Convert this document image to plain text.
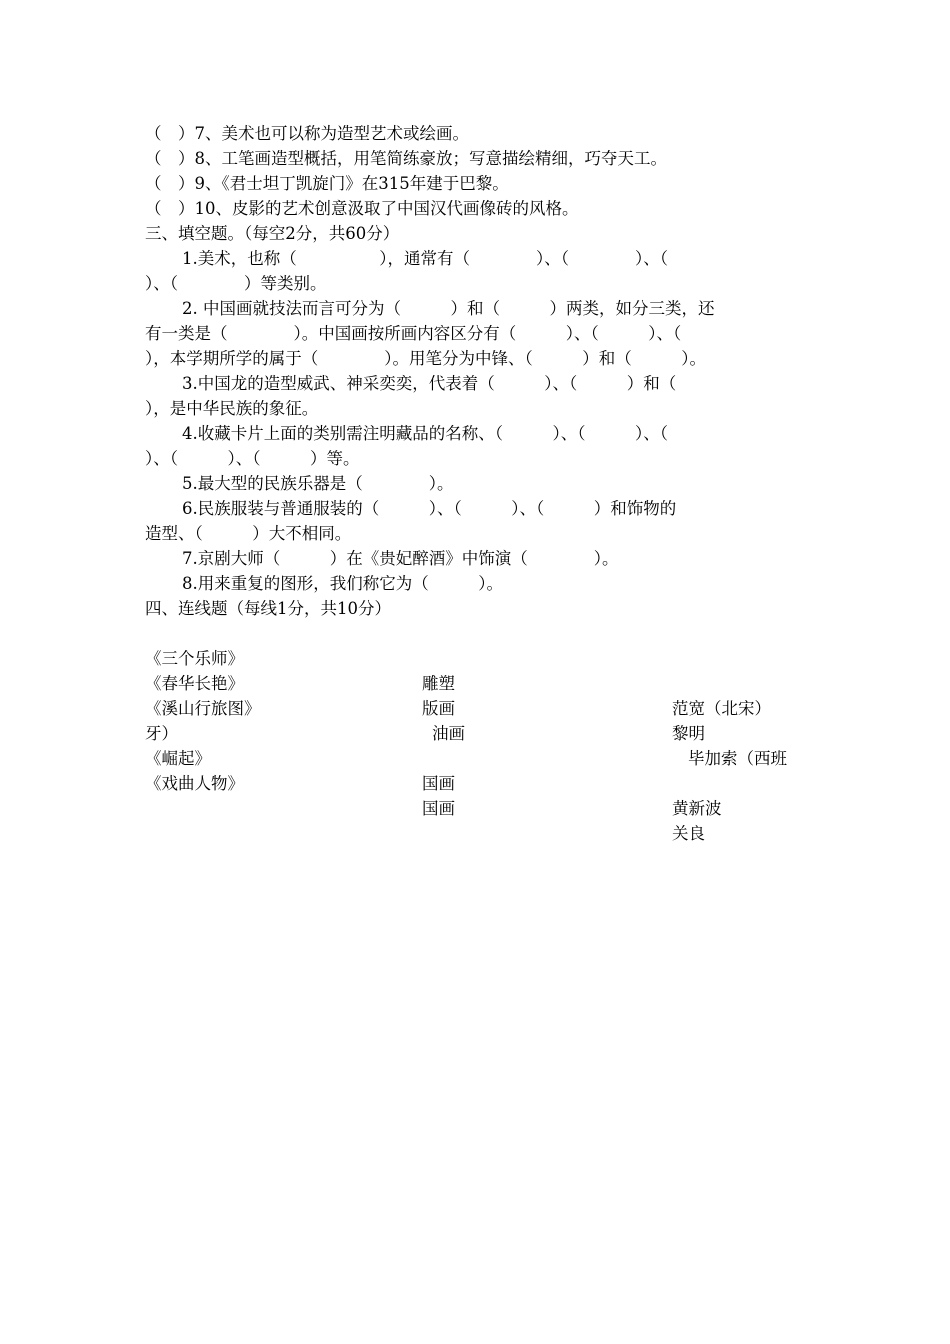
（　）7、美术也可以称为造型艺术或绘画。
（　）8、工笔画造型概括，用笔简练豪放；写意描绘精细，巧夺天工。
（　）9、《君士坦丁凯旋门》在315年建于巴黎。
（　）10、皮影的艺术创意汲取了中国汉代画像砖的风格。
三、填空题。（每空2分，共60分）
1.美术，也称（　　　　　），通常有（　　　　）、（　　　　）、（
）、（　　　　）等类别。
2. 中国画就技法而言可分为（　　　）和（　　　）两类，如分三类，还
有一类是（　　　　）。中国画按所画内容区分有（　　　）、（　　　）、（
），本学期所学的属于（　　　　）。用笔分为中锋、（　　　）和（　　　）。
3.中国龙的造型威武、神采奕奕，代表着（　　　）、（　　　）和（
），是中华民族的象征。
4.收藏卡片上面的类别需注明藏品的名称、（　　　）、（　　　）、（
）、（　　　）、（　　　）等。
5.最大型的民族乐器是（　　　　）。
6.民族服装与普通服装的（　　　）、（　　　）、（　　　）和饰物的
造型、（　　　）大不相同。
7.京剧大师（　　　）在《贵妃醉酒》中饰演（　　　　）。
8.用来重复的图形，我们称它为（　　　）。
四、连线题（每线1分，共10分）

《三个乐师》

雕塑

范宽（北宋）

《春华长艳》

版画

黎明

《溪山行旅图》

油画

毕加索（西班

牙）

《崛起》

国画

黄新波

《戏曲人物》

国画

关良
